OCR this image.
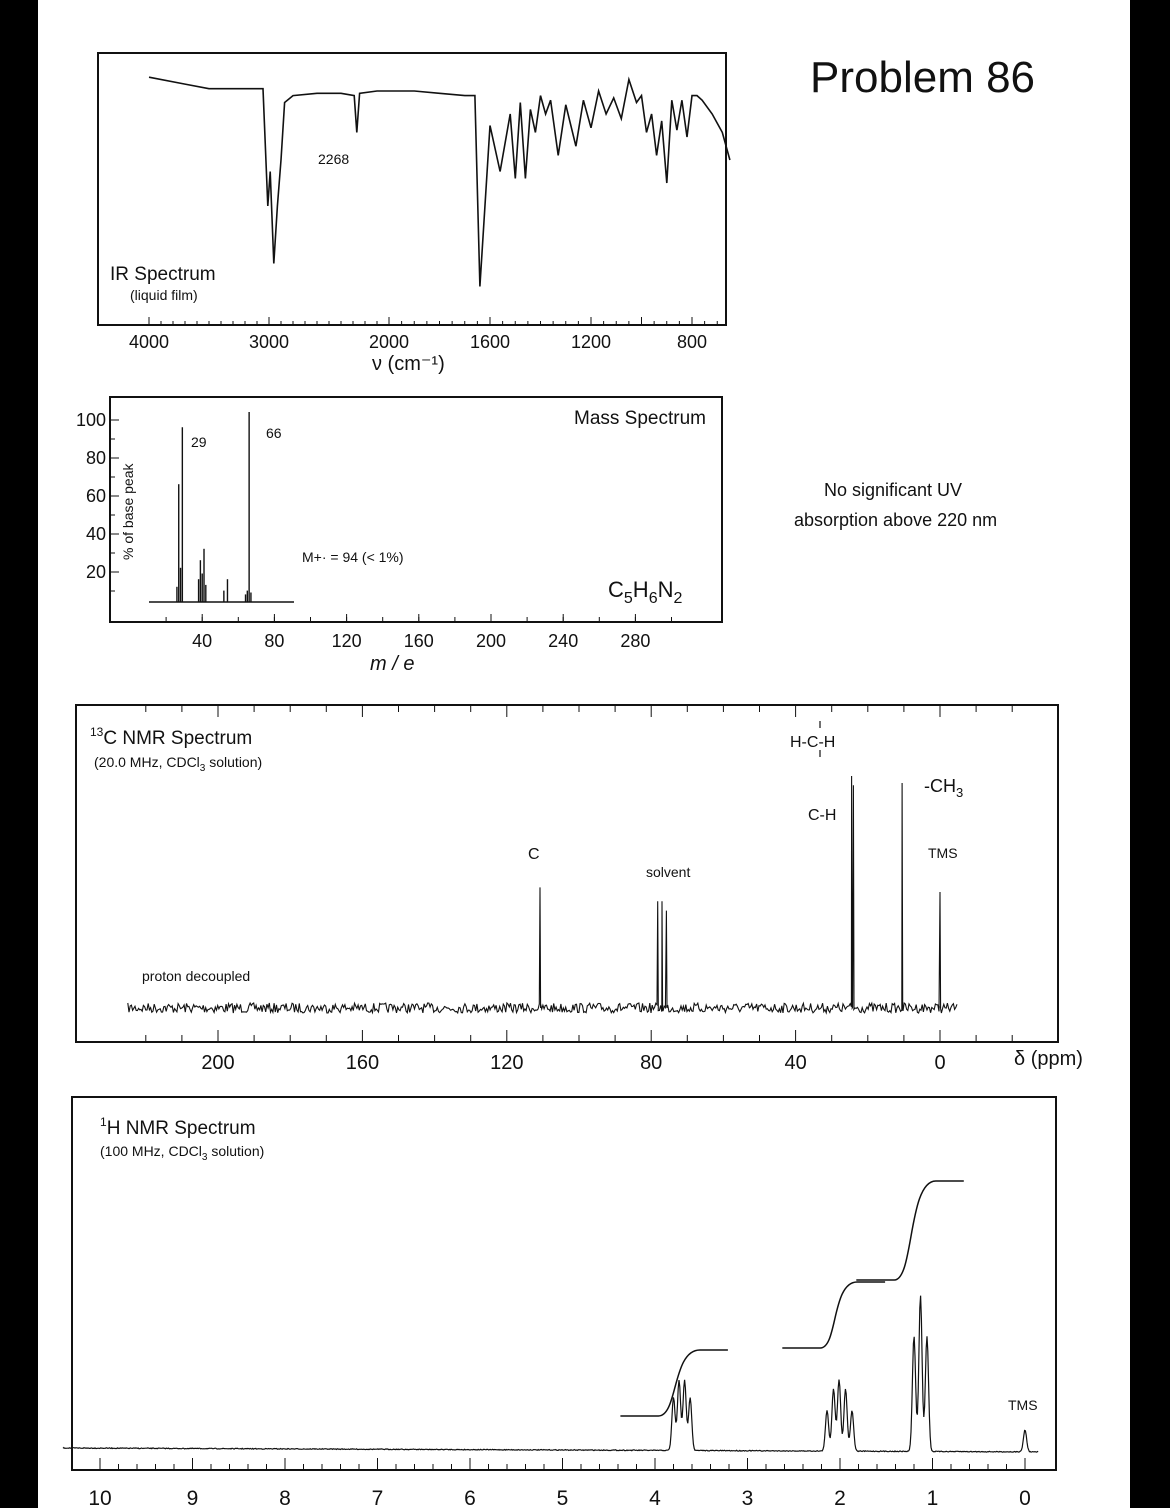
Problem 86
No significant UV
absorption above 220 nm
IR Spectrum
(liquid film)
ν (cm⁻¹)
4000	3000	2000	1600	1200	800
2268
Mass Spectrum
% of base peak
m / e
29
66
M+· = 94 (< 1%)
$C_5H_6N_2$
100
80
60
40
20
40	80	120 160 200 240 280
$^{13}$C NMR Spectrum
(20.0 MHz, CDCl$_3$ solution)
proton decoupled
200	160	120	80	40	0	δ (ppm)
C
solvent
H-C-H
C-H
$-CH_3$
TMS
$^1$H NMR Spectrum
(100 MHz, CDCl$_3$ solution)
TMS
10	9	8	7	6	5	4	3	2	1	0
